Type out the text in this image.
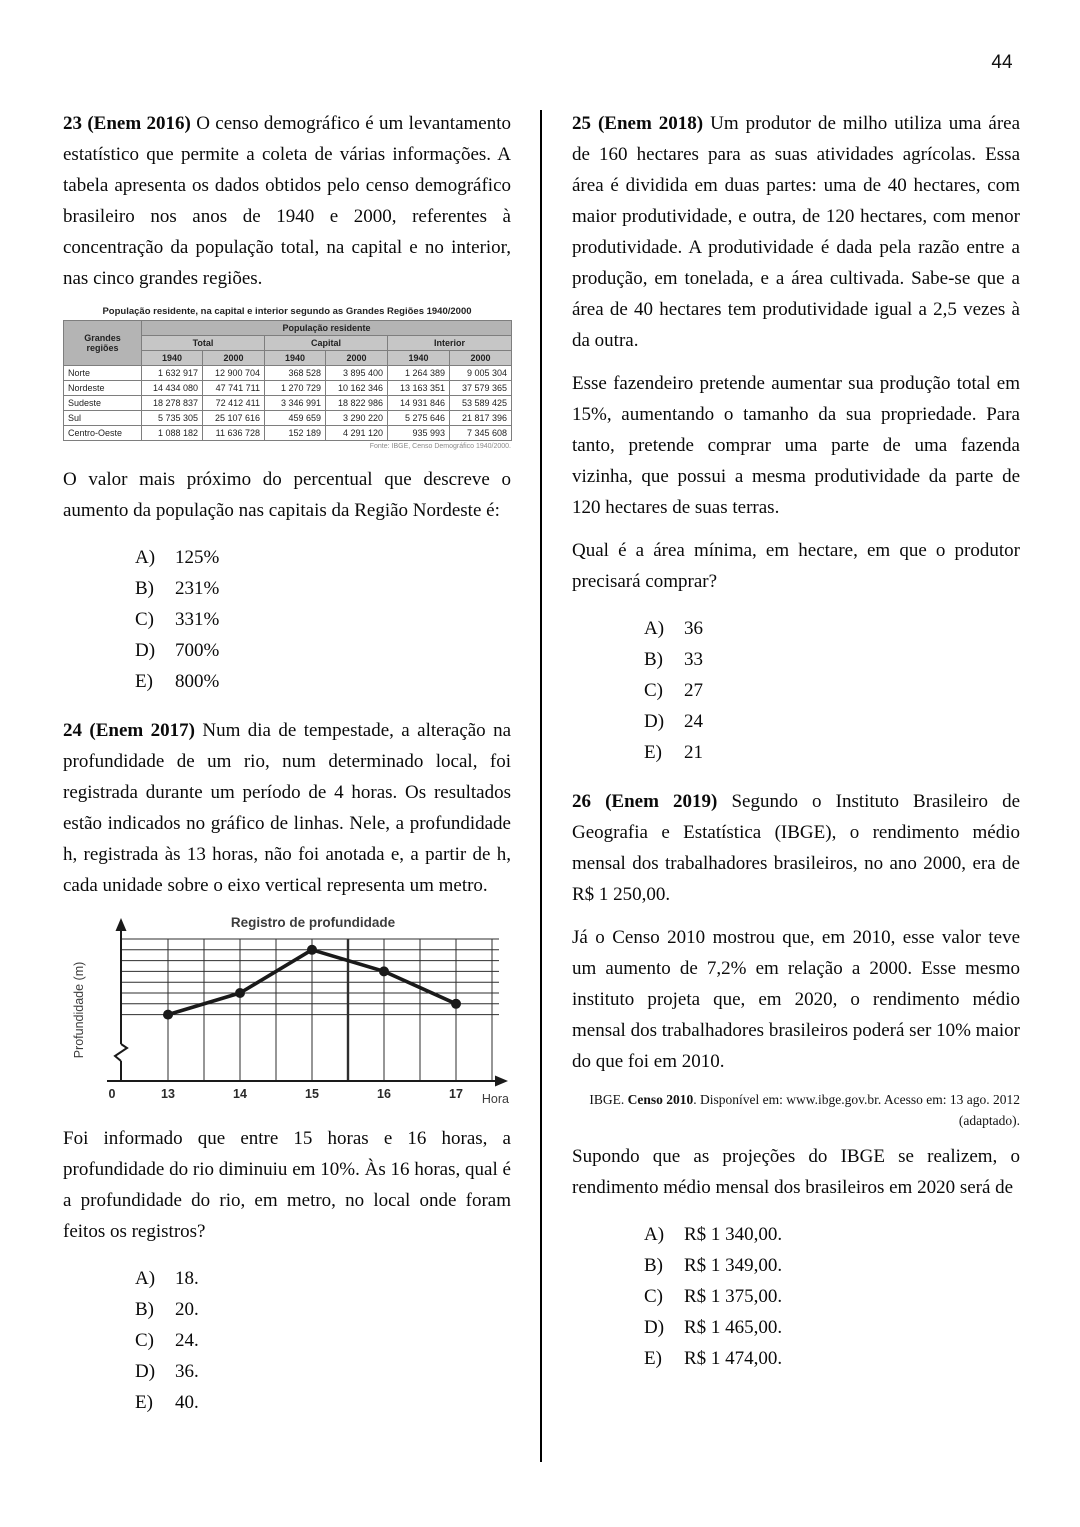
44

23 (Enem 2016) O censo demográfico é um levantamento estatístico que permite a coleta de várias informações. A tabela apresenta os dados obtidos pelo censo demográfico brasileiro nos anos de 1940 e 2000, referentes à concentração da população total, na capital e no interior, nas cinco grandes regiões.

População residente, na capital e interior segundo as Grandes Regiões 1940/2000
Grandes regiões	População residente					
	Total		Capital		Interior	
	1940	2000	1940	2000	1940	2000
Norte	1 632 917	12 900 704	368 528	3 895 400	1 264 389	9 005 304
Nordeste	14 434 080	47 741 711	1 270 729	10 162 346	13 163 351	37 579 365
Sudeste	18 278 837	72 412 411	3 346 991	18 822 986	14 931 846	53 589 425
Sul	5 735 305	25 107 616	459 659	3 290 220	5 275 646	21 817 396
Centro-Oeste	1 088 182	11 636 728	152 189	4 291 120	935 993	7 345 608
Fonte: IBGE, Censo Demográfico 1940/2000.

O valor mais próximo do percentual que descreve o aumento da população nas capitais da Região Nordeste é:

A)	125%
B)	231%
C)	331%
D)	700%
E)	800%

24 (Enem 2017) Num dia de tempestade, a alteração na profundidade de um rio, num determinado local, foi registrada durante um período de 4 horas. Os resultados estão indicados no gráfico de linhas. Nele, a profundidade h, registrada às 13 horas, não foi anotada e, a partir de h, cada unidade sobre o eixo vertical representa um metro.

Registro de profundidade
Profundidade (m)
0	13	14	15	16	17 Hora

Foi informado que entre 15 horas e 16 horas, a profundidade do rio diminuiu em 10%. Às 16 horas, qual é a profundidade do rio, em metro, no local onde foram feitos os registros?

A)	18.
B)	20.
C)	24.
D)	36.
E)	40.

25 (Enem 2018) Um produtor de milho utiliza uma área de 160 hectares para as suas atividades agrícolas. Essa área é dividida em duas partes: uma de 40 hectares, com maior produtividade, e outra, de 120 hectares, com menor produtividade. A produtividade é dada pela razão entre a produção, em tonelada, e a área cultivada. Sabe-se que a área de 40 hectares tem produtividade igual a 2,5 vezes à da outra.

Esse fazendeiro pretende aumentar sua produção total em 15%, aumentando o tamanho da sua propriedade. Para tanto, pretende comprar uma parte de uma fazenda vizinha, que possui a mesma produtividade da parte de 120 hectares de suas terras.

Qual é a área mínima, em hectare, em que o produtor precisará comprar?

A)	36
B)	33
C)	27
D)	24
E)	21

26 (Enem 2019) Segundo o Instituto Brasileiro de Geografia e Estatística (IBGE), o rendimento médio mensal dos trabalhadores brasileiros, no ano 2000, era de R$ 1 250,00.

Já o Censo 2010 mostrou que, em 2010, esse valor teve um aumento de 7,2% em relação a 2000. Esse mesmo instituto projeta que, em 2020, o rendimento médio mensal dos trabalhadores brasileiros poderá ser 10% maior do que foi em 2010.

IBGE. Censo 2010. Disponível em: www.ibge.gov.br. Acesso em: 13 ago. 2012 (adaptado).

Supondo que as projeções do IBGE se realizem, o rendimento médio mensal dos brasileiros em 2020 será de

A)	R$ 1 340,00.
B)	R$ 1 349,00.
C)	R$ 1 375,00.
D)	R$ 1 465,00.
E)	R$ 1 474,00.
